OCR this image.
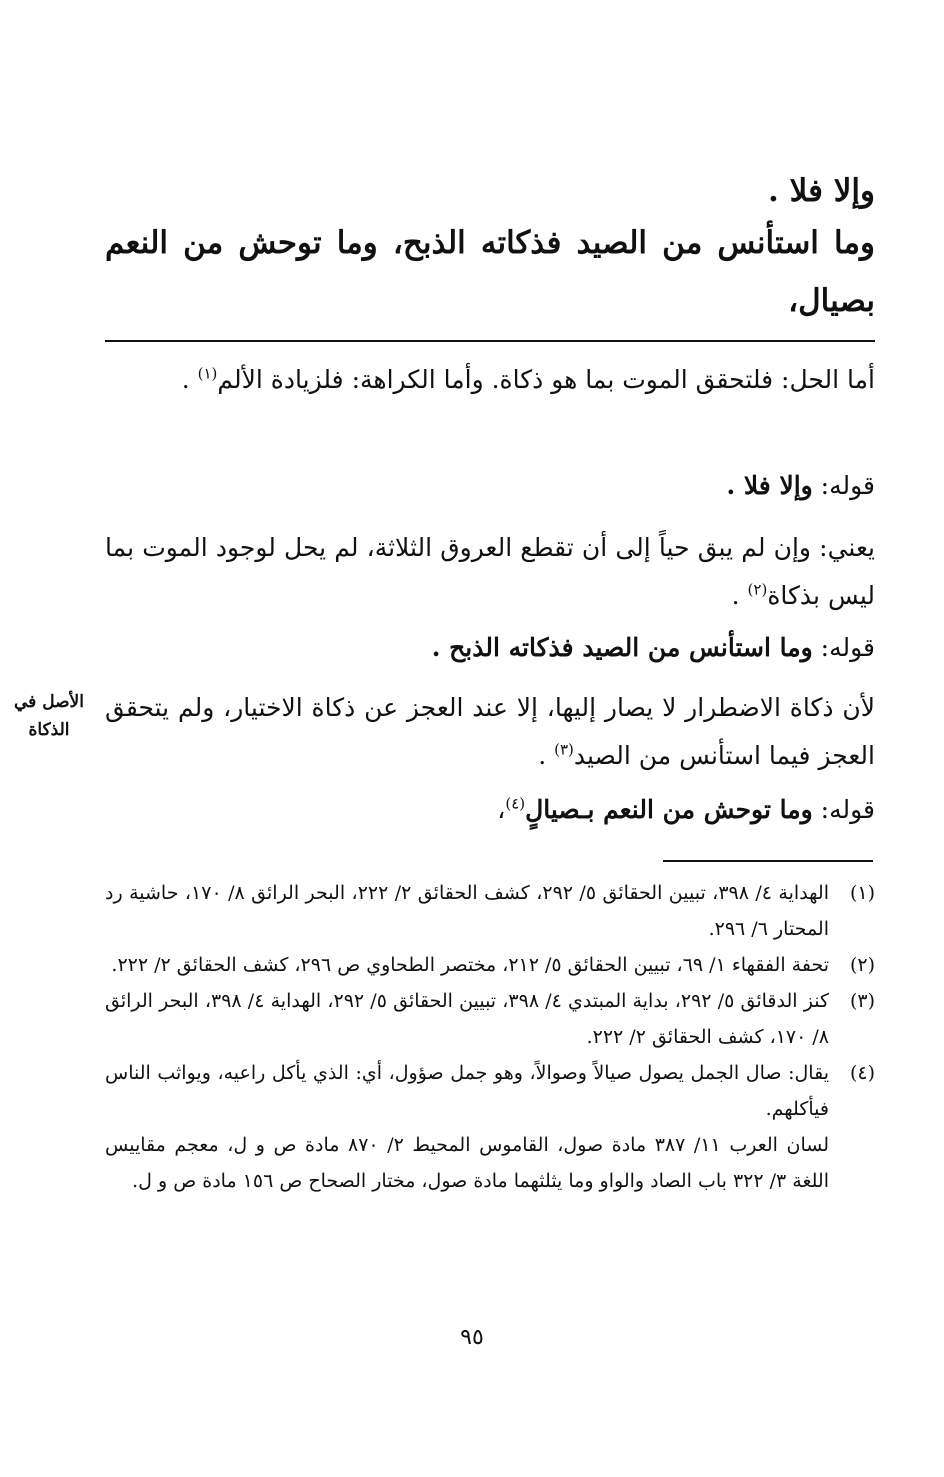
وإلا فلا .
وما استأنس من الصيد فذكاته الذبح، وما توحش من النعم بصيال،

أما الحل: فلتحقق الموت بما هو ذكاة. وأما الكراهة: فلزيادة الألم$^{(١)}$ .

قوله: وإلا فلا .

يعني: وإن لم يبق حياً إلى أن تقطع العروق الثلاثة، لم يحل لوجود الموت بما ليس بذكاة$^{(٢)}$ .

قوله: وما استأنس من الصيد فذكاته الذبح .

لأن ذكاة الاضطرار لا يصار إليها، إلا عند العجز عن ذكاة الاختيار، ولم يتحقق العجز فيما استأنس من الصيد$^{(٣)}$ .

قوله: وما توحش من النعم بـصيالٍ$^{(٤)}$،

الأصل في
الذكاة
(١)

الهداية ٤/ ٣٩٨، تبيين الحقائق ٥/ ٢٩٢، كشف الحقائق ٢/ ٢٢٢، البحر الرائق ٨/ ١٧٠، حاشية رد المحتار ٦/ ٢٩٦.

(٢)

تحفة الفقهاء ١/ ٦٩، تبيين الحقائق ٥/ ٢١٢، مختصر الطحاوي ص ٢٩٦، كشف الحقائق ٢/ ٢٢٢.

(٣)

كنز الدقائق ٥/ ٢٩٢، بداية المبتدي ٤/ ٣٩٨، تبيين الحقائق ٥/ ٢٩٢، الهداية ٤/ ٣٩٨، البحر الرائق ٨/ ١٧٠، كشف الحقائق ٢/ ٢٢٢.

(٤)

يقال: صال الجمل يصول صيالاً وصوالاً، وهو جمل صؤول، أي: الذي يأكل راعيه، ويواثب الناس فيأكلهم.

لسان العرب ١١/ ٣٨٧ مادة صول، القاموس المحيط ٢/ ٨٧٠ مادة ص و ل، معجم مقاييس اللغة ٣/ ٣٢٢ باب الصاد والواو وما يثلثهما مادة صول، مختار الصحاح ص ١٥٦ مادة ص و ل.

٩٥
